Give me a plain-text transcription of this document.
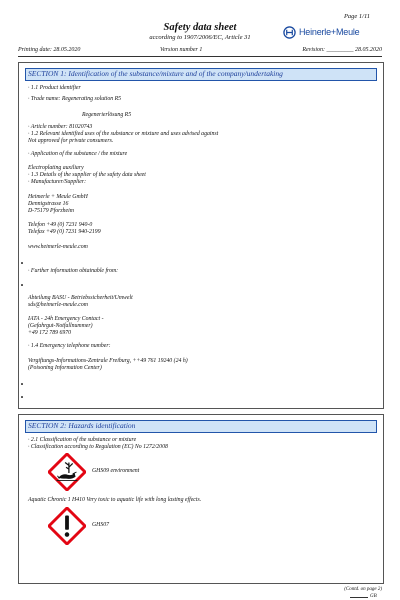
Page 1/11
Safety data sheet
according to 1907/2006/EC, Article 31
Heinerle+Meule
Printing date: 28.05.2020	Version number 1	Revision: _________ 28.05.2020
SECTION 1: Identification of the substance/mixture and of the company/undertaking
· 1.1 Product identifier
· Trade name: Regenerating solution R5
Regenerierlösung R5
· Article number: 81020743
· 1.2 Relevant identified uses of the substance or mixture and uses advised against
Not approved for private consumers.
· Application of the substance / the mixture
Electroplating auxiliary
· 1.3 Details of the supplier of the safety data sheet
· Manufacturer/Supplier:
Heimerle + Meule GmbH
Dennigstrasse 16
D-75179 Pforzheim
Telefon +49 (0) 7231 940-0
Telefax +49 (0) 7231 940-2199
www.heimerle-meule.com
· Further information obtainable from:
Abteilung BASU - Betriebssicherheit/Umwelt
sds@heimerle-meule.com
IATA - 24h Emergency Contact -
(Gefahrgut-Notfallnummer)
+49 172 789 6970
· 1.4 Emergency telephone number:
Vergiftungs-Informations-Zentrale Freiburg, ++49 761 19240 (24 h)
(Poisoning Information Center)
SECTION 2: Hazards identification
· 2.1 Classification of the substance or mixture
· Classification according to Regulation (EC) No 1272/2008
GHS09 environment
Aquatic Chronic 1 H410 Very toxic to aquatic life with long lasting effects.
GHS07
(Contd. on page 2)
GB
